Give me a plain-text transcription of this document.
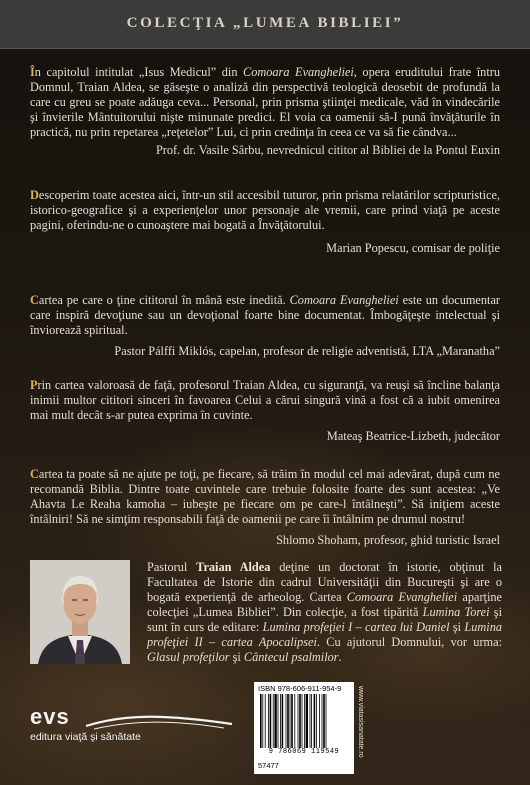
COLECŢIA „LUMEA BIBLIEI”

În capitolul intitulat „Isus Medicul” din Comoara Evangheliei, opera eruditului frate întru Domnul, Traian Aldea, se găseşte o analiză din perspectivă teologică deosebit de profundă la care cu greu se poate adăuga ceva... Personal, prin prisma ştiinţei medicale, văd în vindecările şi învierile Mântuitorului nişte minunate predici. El voia ca oamenii să-I pună învăţăturile în practică, nu prin repetarea „reţetelor” Lui, ci prin credinţa în ceea ce va să fie cândva...

Prof. dr. Vasile Sârbu, nevrednicul cititor al Bibliei de la Pontul Euxin

Descoperim toate acestea aici, într-un stil accesibil tuturor, prin prisma relatărilor scripturistice, istorico-geografice şi a experienţelor unor personaje ale vremii, care prind viaţă pe aceste pagini, oferindu-ne o cunoaştere mai bogată a Învăţătorului.

Marian Popescu, comisar de poliţie

Cartea pe care o ţine cititorul în mână este inedită. Comoara Evangheliei este un documentar care inspiră devoţiune sau un devoţional foarte bine documentat. Îmbogăţeşte intelectual şi înviorează spiritual.

Pastor Pálffi Miklós, capelan, profesor de religie adventistă, LTA „Maranatha”

Prin cartea valoroasă de faţă, profesorul Traian Aldea, cu siguranţă, va reuşi să încline balanţa inimii multor cititori sinceri în favoarea Celui a cărui singură vină a fost că a iubit omenirea mai mult decât s-ar putea exprima în cuvinte.

Mateaş Beatrice-Lizbeth, judecător

Cartea ta poate să ne ajute pe toţi, pe fiecare, să trăim în modul cel mai adevărat, după cum ne recomandă Biblia. Dintre toate cuvintele care trebuie folosite foarte des sunt acestea: „Ve Ahavta Le Reaha kamoha – iubeşte pe fiecare om pe care-l întâlneşti”. Să iniţiem aceste întâlniri! Să ne simţim responsabili faţă de oamenii pe care îi întâlnim pe drumul nostru!

Shlomo Shoham, profesor, ghid turistic Israel

Pastorul Traian Aldea deţine un doctorat în istorie, obţinut la Facultatea de Istorie din cadrul Universităţii din Bucureşti şi are o bogată experienţă de arheolog. Cartea Comoara Evangheliei aparţine colecţiei „Lumea Bibliei”. Din colecţie, a fost tipărită Lumina Torei şi sunt în curs de editare: Lumina profeţiei I – cartea lui Daniel şi Lumina profeţiei II – cartea Apocalipsei. Cu ajutorul Domnului, vor urma: Glasul profeţilor şi Cântecul psalmilor.
evs
editura viaţă şi sănătate
ISBN 978-606-911-954-9
9 786069 119549
57477
www.viatasisanatate.ro
